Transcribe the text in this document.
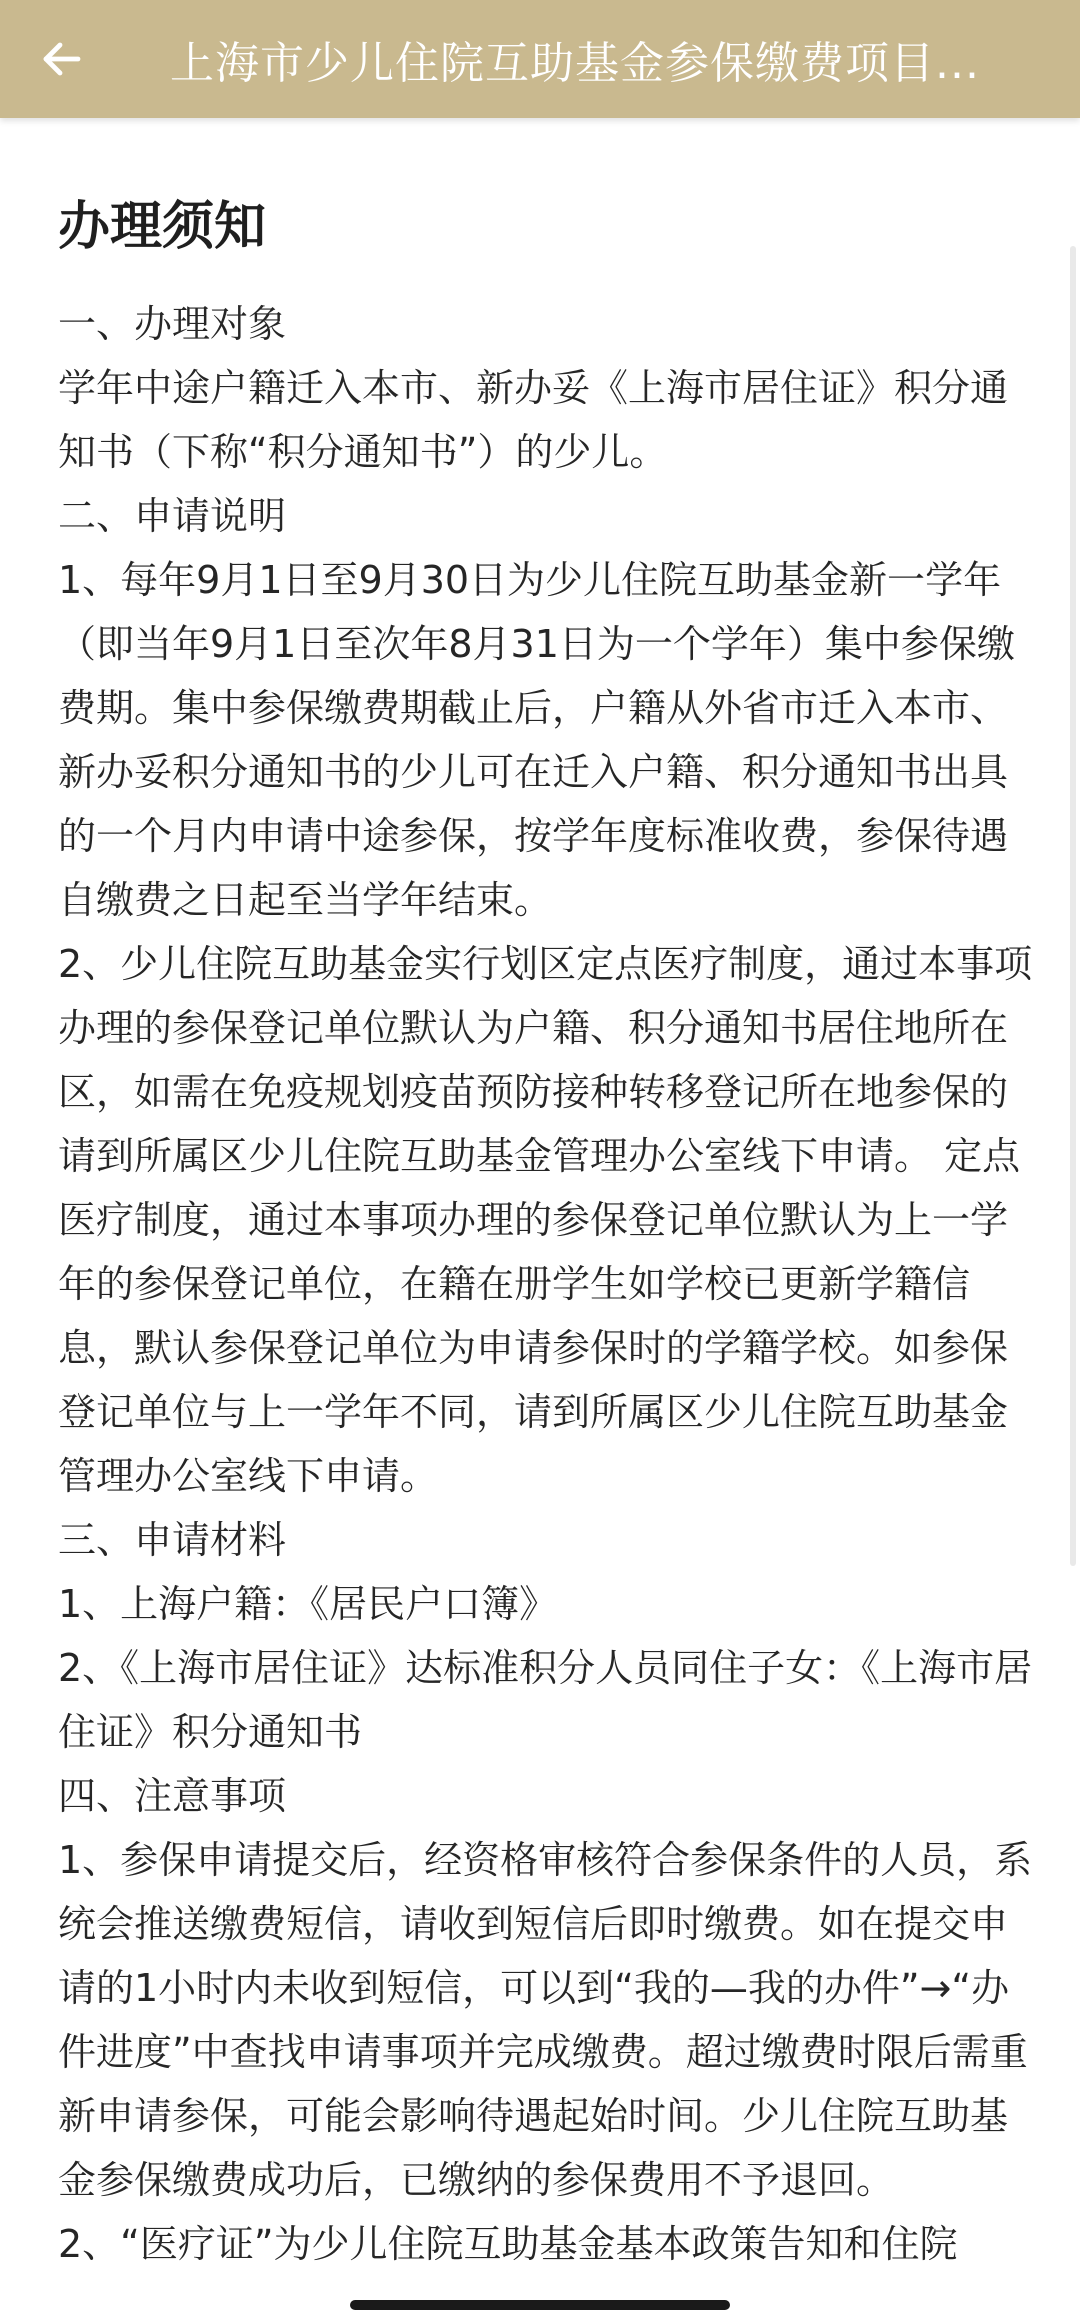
上海市少儿住院互助基金参保缴费项目...
办理须知

一、办理对象

学年中途户籍迁入本市、新办妥《上海市居住证》积分通知书（下称“积分通知书”）的少儿。

二、申请说明

1、每年9月1日至9月30日为少儿住院互助基金新一学年（即当年9月1日至次年8月31日为一个学年）集中参保缴费期。集中参保缴费期截止后，户籍从外省市迁入本市、新办妥积分通知书的少儿可在迁入户籍、积分通知书出具的一个月内申请中途参保，按学年度标准收费，参保待遇自缴费之日起至当学年结束。

2、少儿住院互助基金实行划区定点医疗制度，通过本事项办理的参保登记单位默认为户籍、积分通知书居住地所在区，如需在免疫规划疫苗预防接种转移登记所在地参保的请到所属区少儿住院互助基金管理办公室线下申请。 定点医疗制度，通过本事项办理的参保登记单位默认为上一学年的参保登记单位，在籍在册学生如学校已更新学籍信息，默认参保登记单位为申请参保时的学籍学校。如参保登记单位与上一学年不同，请到所属区少儿住院互助基金管理办公室线下申请。

三、申请材料

1、上海户籍：《居民户口簿》

2、《上海市居住证》达标准积分人员同住子女：《上海市居住证》积分通知书

四、注意事项

1、参保申请提交后，经资格审核符合参保条件的人员，系统会推送缴费短信，请收到短信后即时缴费。如在提交申请的1小时内未收到短信，可以到“我的—我的办件”→“办件进度”中查找申请事项并完成缴费。超过缴费时限后需重新申请参保，可能会影响待遇起始时间。少儿住院互助基金参保缴费成功后，已缴纳的参保费用不予退回。

2、“医疗证”为少儿住院互助基金基本政策告知和住院
